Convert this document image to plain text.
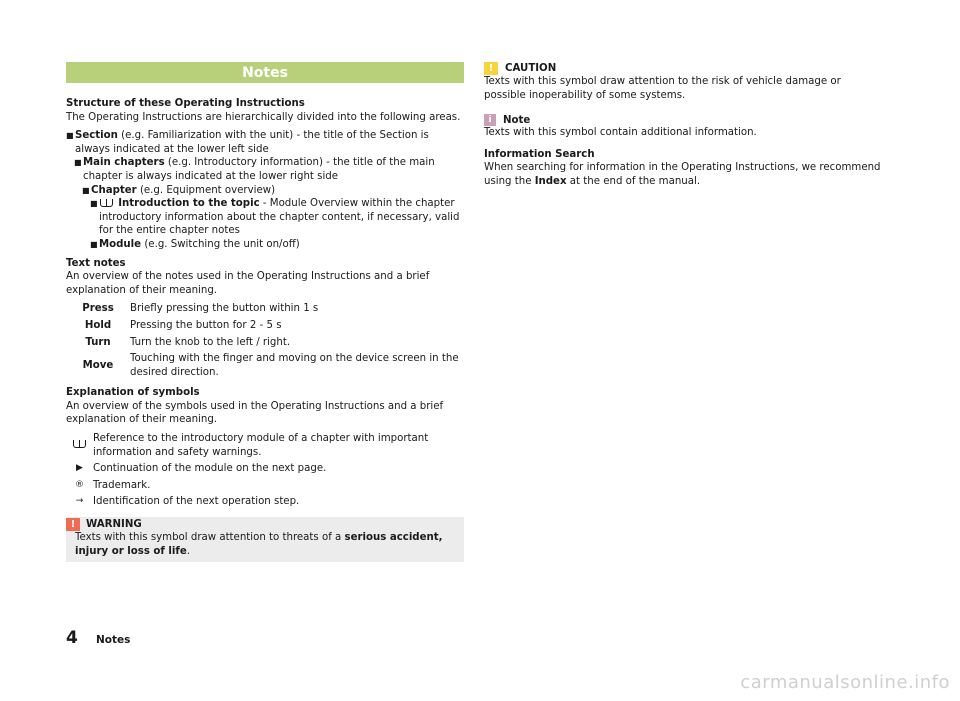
Notes

Structure of these Operating Instructions

The Operating Instructions are hierarchically divided into the following areas.

■ Section (e.g. Familiarization with the unit) - the title of the Section is always indicated at the lower left side
■ Main chapters (e.g. Introductory information) - the title of the main chapter is always indicated at the lower right side
■ Chapter (e.g. Equipment overview)
■	Introduction to the topic - Module Overview within the chapter introductory information about the chapter content, if necessary, valid for the entire chapter notes
■ Module (e.g. Switching the unit on/off)

Text notes

An overview of the notes used in the Operating Instructions and a brief explanation of their meaning.

Press	Briefly pressing the button within 1 s
Hold	Pressing the button for 2 - 5 s
Turn	Turn the knob to the left / right.
Move	Touching with the finger and moving on the device screen in the desired direction.

Explanation of symbols

An overview of the symbols used in the Operating Instructions and a brief explanation of their meaning.

	Reference to the introductory module of a chapter with important information and safety warnings.
▶	Continuation of the module on the next page.
®	Trademark.
→	Identification of the next operation step.
!	WARNING

Texts with this symbol draw attention to threats of a serious accident, injury or loss of life.

!	CAUTION

Texts with this symbol draw attention to the risk of vehicle damage or possible inoperability of some systems.

i	Note

Texts with this symbol contain additional information.

Information Search

When searching for information in the Operating Instructions, we recommend using the Index at the end of the manual.

4	Notes
carmanualsonline.info
